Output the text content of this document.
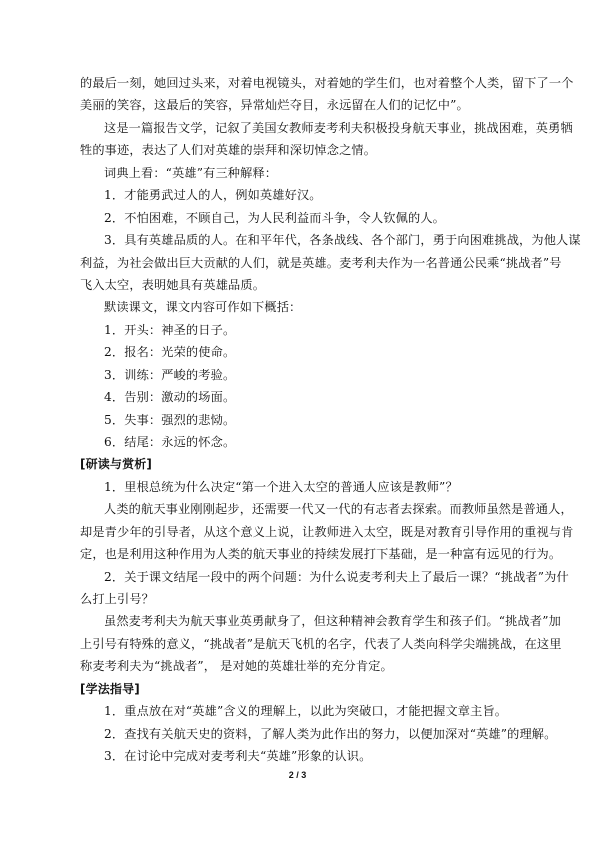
的最后一刻，她回过头来，对着电视镜头，对着她的学生们，也对着整个人类，留下了一个
美丽的笑容，这最后的笑容，异常灿烂夺目，永远留在人们的记忆中”。
这是一篇报告文学，记叙了美国女教师麦考利夫积极投身航天事业，挑战困难，英勇牺
牲的事迹，表达了人们对英雄的崇拜和深切悼念之情。
词典上看：“英雄”有三种解释：
1．才能勇武过人的人，例如英雄好汉。
2．不怕困难，不顾自己，为人民利益而斗争，令人钦佩的人。
3．具有英雄品质的人。在和平年代，各条战线、各个部门，勇于向困难挑战，为他人谋
利益，为社会做出巨大贡献的人们，就是英雄。麦考利夫作为一名普通公民乘“挑战者”号
飞入太空，表明她具有英雄品质。
默读课文，课文内容可作如下概括：
1．开头：神圣的日子。
2．报名：光荣的使命。
3．训练：严峻的考验。
4．告别：激动的场面。
5．失事：强烈的悲恸。
6．结尾：永远的怀念。
[研读与赏析]
1．里根总统为什么决定“第一个进入太空的普通人应该是教师”？
人类的航天事业刚刚起步，还需要一代又一代的有志者去探索。而教师虽然是普通人，
却是青少年的引导者，从这个意义上说，让教师进入太空，既是对教育引导作用的重视与肯
定，也是利用这种作用为人类的航天事业的持续发展打下基础，是一种富有远见的行为。
2．关于课文结尾一段中的两个问题：为什么说麦考利夫上了最后一课？“挑战者”为什
么打上引号？
虽然麦考利夫为航天事业英勇献身了，但这种精神会教育学生和孩子们。“挑战者”加
上引号有特殊的意义，“挑战者”是航天飞机的名字，代表了人类向科学尖端挑战，在这里
称麦考利夫为“挑战者”， 是对她的英雄壮举的充分肯定。
[学法指导]
1．重点放在对“英雄”含义的理解上，以此为突破口，才能把握文章主旨。
2．查找有关航天史的资料，了解人类为此作出的努力，以便加深对“英雄”的理解。
3．在讨论中完成对麦考利夫“英雄”形象的认识。
2 / 3
